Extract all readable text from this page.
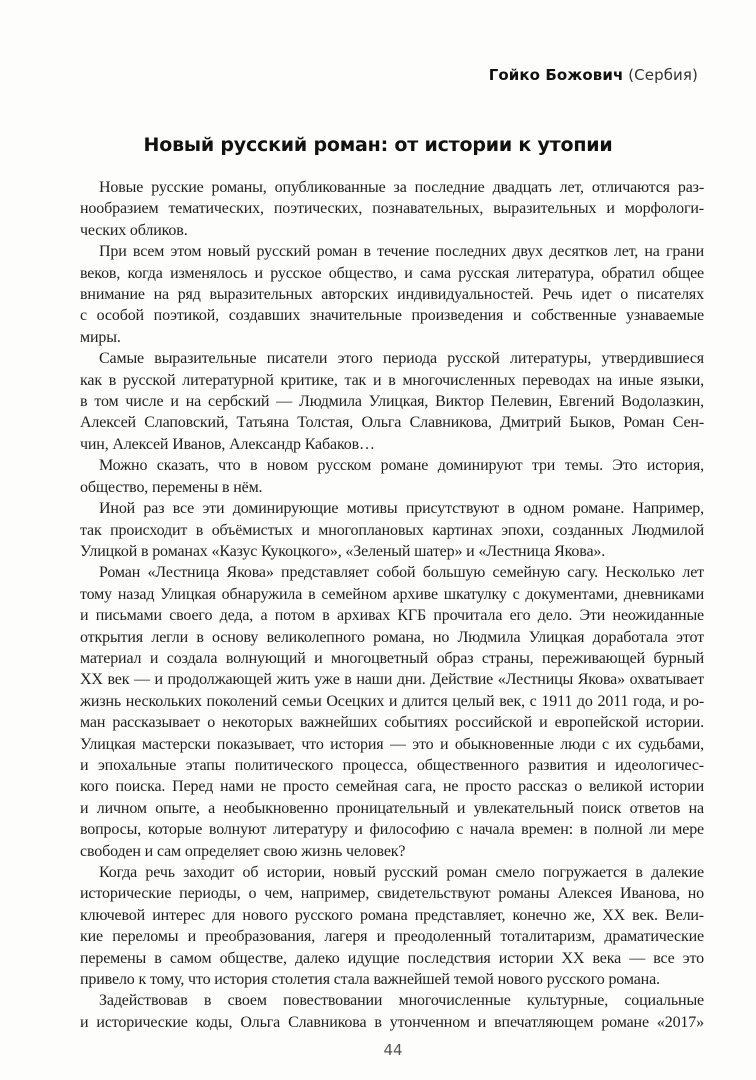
Гойко Божович (Сербия)
Новый русский роман: от истории к утопии
Новые русские романы, опубликованные за последние двадцать лет, отличаются раз-
нообразием тематических, поэтических, познавательных, выразительных и морфологи-
ческих обликов.
При всем этом новый русский роман в течение последних двух десятков лет, на грани
веков, когда изменялось и русское общество, и сама русская литература, обратил общее
внимание на ряд выразительных авторских индивидуальностей. Речь идет о писателях
с особой поэтикой, создавших значительные произведения и собственные узнаваемые
миры.
Самые выразительные писатели этого периода русской литературы, утвердившиеся
как в русской литературной критике, так и в многочисленных переводах на иные языки,
в том числе и на сербский — Людмила Улицкая, Виктор Пелевин, Евгений Водолазкин,
Алексей Слаповский, Татьяна Толстая, Ольга Славникова, Дмитрий Быков, Роман Сен-
чин, Алексей Иванов, Александр Кабаков…
Можно сказать, что в новом русском романе доминируют три темы. Это история,
общество, перемены в нём.
Иной раз все эти доминирующие мотивы присутствуют в одном романе. Например,
так происходит в объёмистых и многоплановых картинах эпохи, созданных Людмилой
Улицкой в романах «Казус Кукоцкого», «Зеленый шатер» и «Лестница Якова».
Роман «Лестница Якова» представляет собой большую семейную сагу. Несколько лет
тому назад Улицкая обнаружила в семейном архиве шкатулку с документами, дневниками
и письмами своего деда, а потом в архивах КГБ прочитала его дело. Эти неожиданные
открытия легли в основу великолепного романа, но Людмила Улицкая доработала этот
материал и создала волнующий и многоцветный образ страны, переживающей бурный
XX век — и продолжающей жить уже в наши дни. Действие «Лестницы Якова» охватывает
жизнь нескольких поколений семьи Осецких и длится целый век, с 1911 до 2011 года, и ро-
ман рассказывает о некоторых важнейших событиях российской и европейской истории.
Улицкая мастерски показывает, что история — это и обыкновенные люди с их судьбами,
и эпохальные этапы политического процесса, общественного развития и идеологичес-
кого поиска. Перед нами не просто семейная сага, не просто рассказ о великой истории
и личном опыте, а необыкновенно проницательный и увлекательный поиск ответов на
вопросы, которые волнуют литературу и философию с начала времен: в полной ли мере
свободен и сам определяет свою жизнь человек?
Когда речь заходит об истории, новый русский роман смело погружается в далекие
исторические периоды, о чем, например, свидетельствуют романы Алексея Иванова, но
ключевой интерес для нового русского романа представляет, конечно же, XX век. Вели-
кие переломы и преобразования, лагеря и преодоленный тоталитаризм, драматические
перемены в самом обществе, далеко идущие последствия истории XX века — все это
привело к тому, что история столетия стала важнейшей темой нового русского романа.
Задействовав в своем повествовании многочисленные культурные, социальные
и исторические коды, Ольга Славникова в утонченном и впечатляющем романе «2017»
44
